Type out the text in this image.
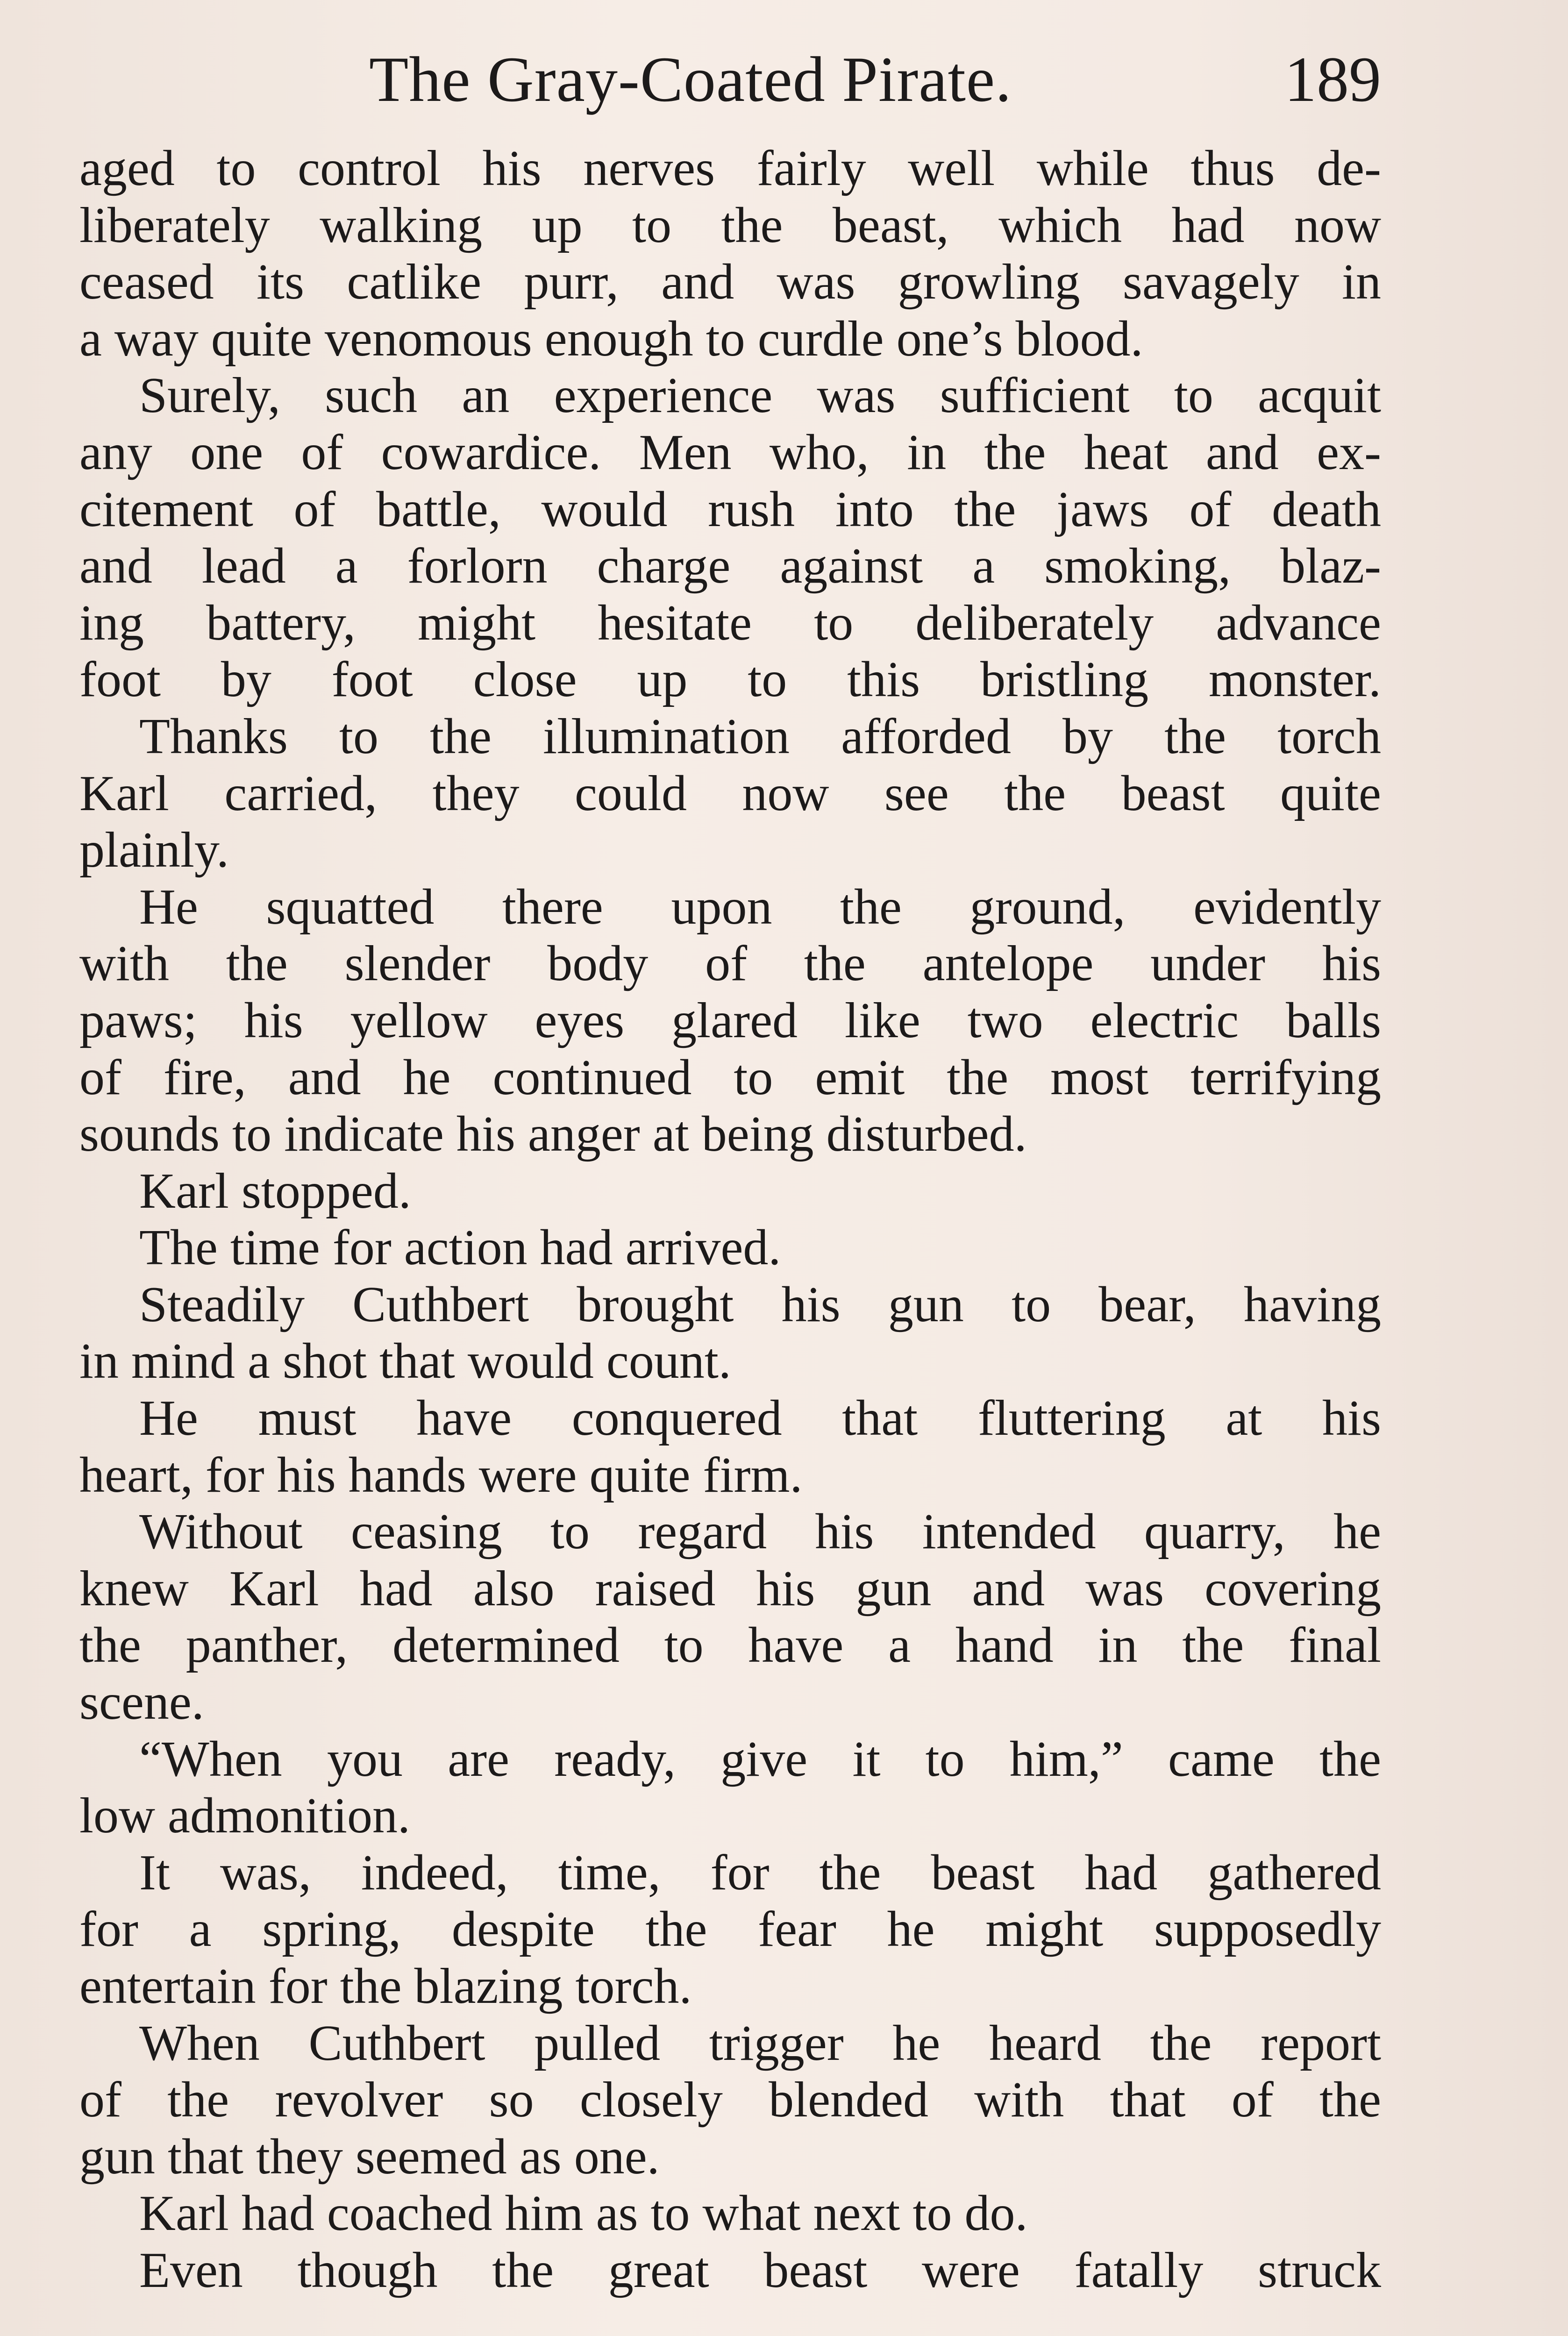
The Gray-Coated Pirate.	189
aged to control his nerves fairly well while thus de-
liberately walking up to the beast, which had now
ceased its catlike purr, and was growling savagely in
a way quite venomous enough to curdle one’s blood.
Surely, such an experience was sufficient to acquit
any one of cowardice. Men who, in the heat and ex-
citement of battle, would rush into the jaws of death
and lead a forlorn charge against a smoking, blaz-
ing battery, might hesitate to deliberately advance
foot by foot close up to this bristling monster.
Thanks to the illumination afforded by the torch
Karl carried, they could now see the beast quite
plainly.
He squatted there upon the ground, evidently
with the slender body of the antelope under his
paws; his yellow eyes glared like two electric balls
of fire, and he continued to emit the most terrifying
sounds to indicate his anger at being disturbed.
Karl stopped.
The time for action had arrived.
Steadily Cuthbert brought his gun to bear, having
in mind a shot that would count.
He must have conquered that fluttering at his
heart, for his hands were quite firm.
Without ceasing to regard his intended quarry, he
knew Karl had also raised his gun and was covering
the panther, determined to have a hand in the final
scene.
“When you are ready, give it to him,” came the
low admonition.
It was, indeed, time, for the beast had gathered
for a spring, despite the fear he might supposedly
entertain for the blazing torch.
When Cuthbert pulled trigger he heard the report
of the revolver so closely blended with that of the
gun that they seemed as one.
Karl had coached him as to what next to do.
Even though the great beast were fatally struck
